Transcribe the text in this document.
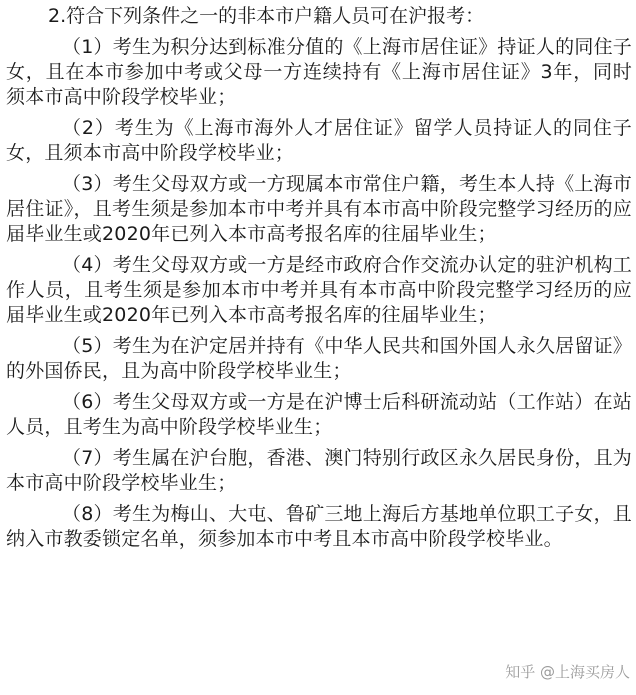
2.符合下列条件之一的非本市户籍人员可在沪报考：
（1）考生为积分达到标准分值的《上海市居住证》持证人的同住子女，且在本市参加中考或父母一方连续持有《上海市居住证》3年，同时须本市高中阶段学校毕业；
（2）考生为《上海市海外人才居住证》留学人员持证人的同住子女，且须本市高中阶段学校毕业；
（3）考生父母双方或一方现属本市常住户籍，考生本人持《上海市居住证》，且考生须是参加本市中考并具有本市高中阶段完整学习经历的应届毕业生或2020年已列入本市高考报名库的往届毕业生；
（4）考生父母双方或一方是经市政府合作交流办认定的驻沪机构工作人员，且考生须是参加本市中考并具有本市高中阶段完整学习经历的应届毕业生或2020年已列入本市高考报名库的往届毕业生；
（5）考生为在沪定居并持有《中华人民共和国外国人永久居留证》的外国侨民，且为高中阶段学校毕业生；
（6）考生父母双方或一方是在沪博士后科研流动站（工作站）在站人员，且考生为高中阶段学校毕业生；
（7）考生属在沪台胞，香港、澳门特别行政区永久居民身份，且为本市高中阶段学校毕业生；
（8）考生为梅山、大屯、鲁矿三地上海后方基地单位职工子女，且纳入市教委锁定名单，须参加本市中考且本市高中阶段学校毕业。
知乎 @上海买房人
